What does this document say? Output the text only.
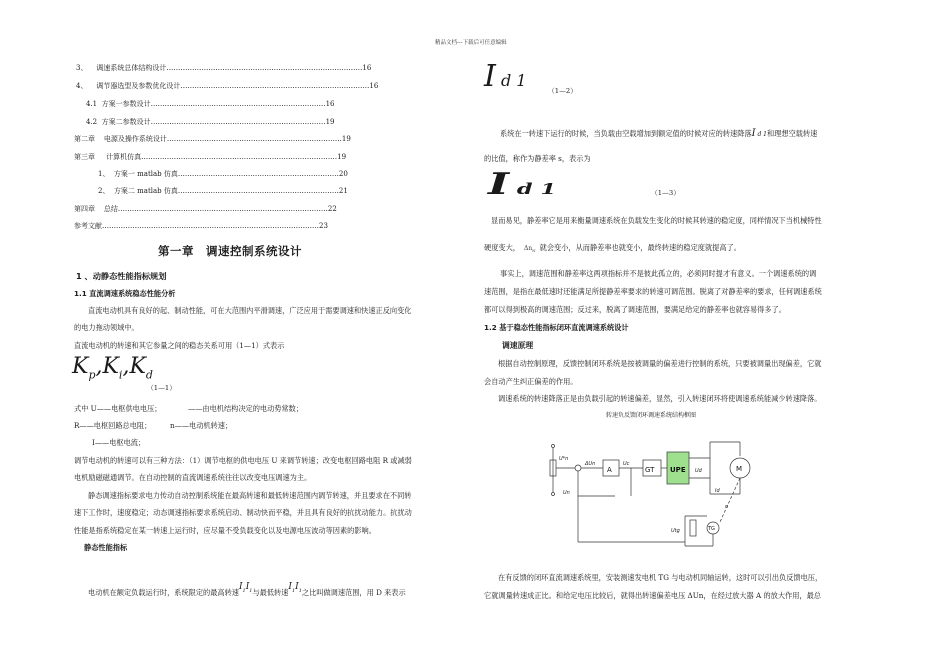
精品文档---下载后可任意编辑
3、 调速系统总体结构设计…………………………………………………………………………16
4、 调节器选型及参数优化设计………………………………………………………………………16
4.1 方案一参数设计…………………………………………………………………16
4.2 方案二参数设计…………………………………………………………………19
第二章 电源及操作系统设计…………………………………………………………………19
第三章 计算机仿真…………………………………………………………………………19
1、 方案一 matlab 仿真……………………………………………………………20
2、 方案二 matlab 仿真……………………………………………………………21
第四章 总结………………………………………………………………………………22
参考文献…………………………………………………………………………………23
第一章　调速控制系统设计
1 、动静态性能指标规划
1.1 直流调速系统稳态性能分析
直流电动机具有良好的起、制动性能，可在大范围内平滑调速，广泛应用于需要调速和快速正反向变化
的电力拖动领域中。
直流电动机的转速和其它参量之间的稳态关系可用（1—1）式表示
$K_p,K_i,K_d$
（1—1）
式中 U——电枢供电电压；	——由电机结构决定的电动势常数；
R——电枢回路总电阻；	n——电动机转速；
I——电枢电流；
调节电动机的转速可以有三种方法：（1）调节电枢的供电电压 U 来调节转速；改变电枢回路电阻 R 或减弱
电机励磁磁通调节。在自动控制的直流调速系统往往以改变电压调速为主。
静态调速指标要求电力传动自动控制系统能在最高转速和最低转速范围内调节转速，并且要求在不同转
速下工作时，速度稳定；动态调速指标要求系统启动、制动快而平稳，并且具有良好的抗扰动能力。抗扰动
性能是指系统稳定在某一转速上运行时，应尽量不受负载变化以及电源电压波动等因素的影响。
静态性能指标
电动机在额定负载运行时，系统限定的最高转速$I_1I_1$与最低转速$I_1I_1$之比叫做调速范围，用 D 来表示
I d 1
（1—2）
系统在一转速下运行的时候，当负载由空载增加到额定值的时候对应的转速降落I d 1和理想空载转速
的比值，称作为静差率 s，表示为
I d 1	（1—3）
显而易见，静差率它是用来衡量调速系统在负载发生变化的时候其转速的稳定度，同样情况下当机械特性
硬度变大， $\Delta n_N$ 就会变小，从而静差率也就变小，最终转速的稳定度就提高了。
事实上，调速范围和静差率这两项指标并不是彼此孤立的，必须同时提才有意义。一个调速系统的调
速范围，是指在最低速时还能满足所提静差率要求的转速可调范围。脱离了对静差率的要求，任何调速系统
都可以得到极高的调速范围；反过来，脱离了调速范围，要满足给定的静差率也就容易得多了。
1.2 基于稳态性能指标闭环直流调速系统设计
调速原理
根据自动控制原理，反馈控制闭环系统是按被调量的偏差进行控制的系统，只要被调量出现偏差，它就
会自动产生纠正偏差的作用。
调速系统的转速降落正是由负载引起的转速偏差，显然，引入转速闭环将使调速系统能减少转速降落。
转速负反馈闭环调速系统结构框图
A	GT UPE	M
TG
U*n
ΔUn	Uc
Ud
Id
Un
Utg
n
在有反馈的闭环直流调速系统里，安装测速发电机 TG 与电动机同轴运转，这时可以引出负反馈电压，
它就调量转速成正比。和给定电压比较后，就得出转速偏差电压 ΔUn，在经过放大器 A 的放大作用，最总
